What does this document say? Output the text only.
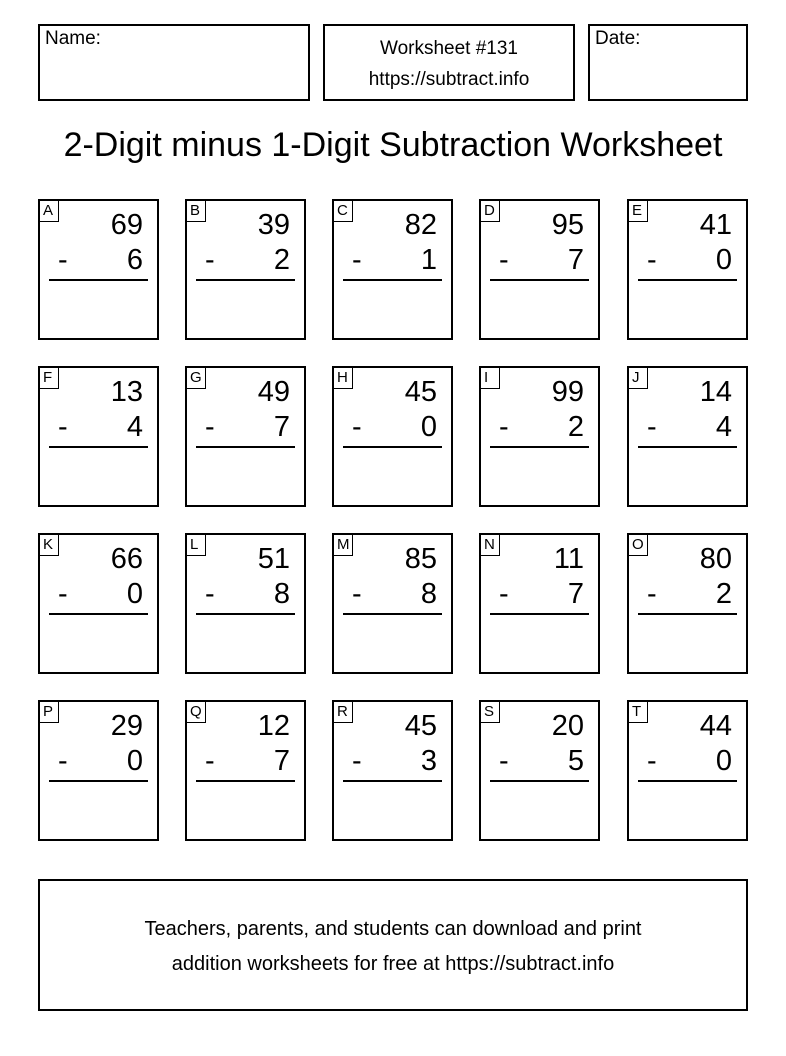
Name:	Worksheet #131
https://subtract.info
Date:
2-Digit minus 1-Digit Subtraction Worksheet
A 69
- 6
B 39
- 2
C 82
- 1
D 95
- 7
E 41
- 0
F 13
- 4
G 49
- 7
H 45
- 0
I	99
- 2
J 14
- 4
K 66
- 0
L 51
- 8
M 85
- 8
N 11
- 7
O 80
- 2
P 29
- 0
Q 12
- 7
R 45
- 3
S 20
- 5
T 44
- 0
Teachers, parents, and students can download and print
addition worksheets for free at https://subtract.info
